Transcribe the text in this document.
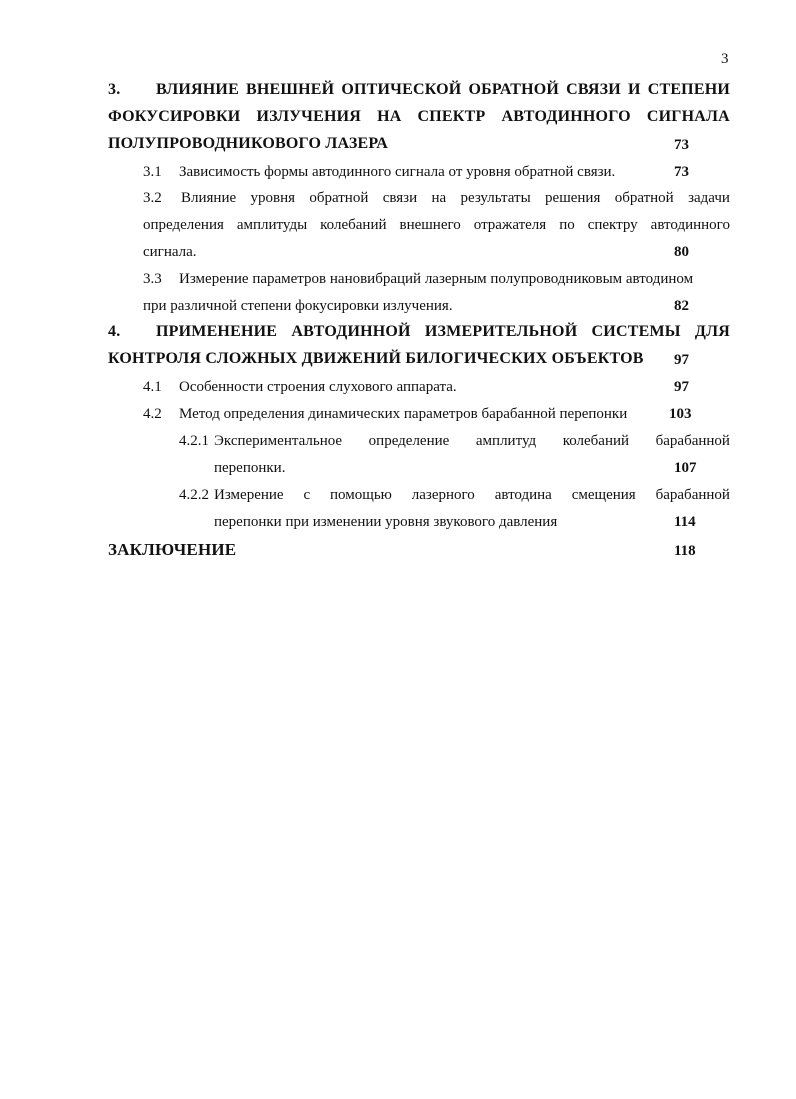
3
3. ВЛИЯНИЕ ВНЕШНЕЙ ОПТИЧЕСКОЙ ОБРАТНОЙ СВЯЗИ И СТЕПЕНИ
ФОКУСИРОВКИ ИЗЛУЧЕНИЯ НА СПЕКТР АВТОДИННОГО СИГНАЛА
ПОЛУПРОВОДНИКОВОГО ЛАЗЕРА	73
3.1 Зависимость формы автодинного сигнала от уровня обратной связи.	73
3.2 Влияние уровня обратной связи на результаты решения обратной задачи
определения амплитуды колебаний внешнего отражателя по спектру автодинного
сигнала.	80
3.3 Измерение параметров нановибраций лазерным полупроводниковым автодином
при различной степени фокусировки излучения.	82
4. ПРИМЕНЕНИЕ АВТОДИННОЙ ИЗМЕРИТЕЛЬНОЙ СИСТЕМЫ ДЛЯ
КОНТРОЛЯ СЛОЖНЫХ ДВИЖЕНИЙ БИЛОГИЧЕСКИХ ОБЪЕКТОВ 97
4.1 Особенности строения слухового аппарата.	97
4.2 Метод определения динамических параметров барабанной перепонки	103
4.2.1 Экспериментальное определение амплитуд колебаний барабанной
перепонки.	107
4.2.2 Измерение с помощью лазерного автодина смещения барабанной
перепонки при изменении уровня звукового давления	114
ЗАКЛЮЧЕНИЕ	118
